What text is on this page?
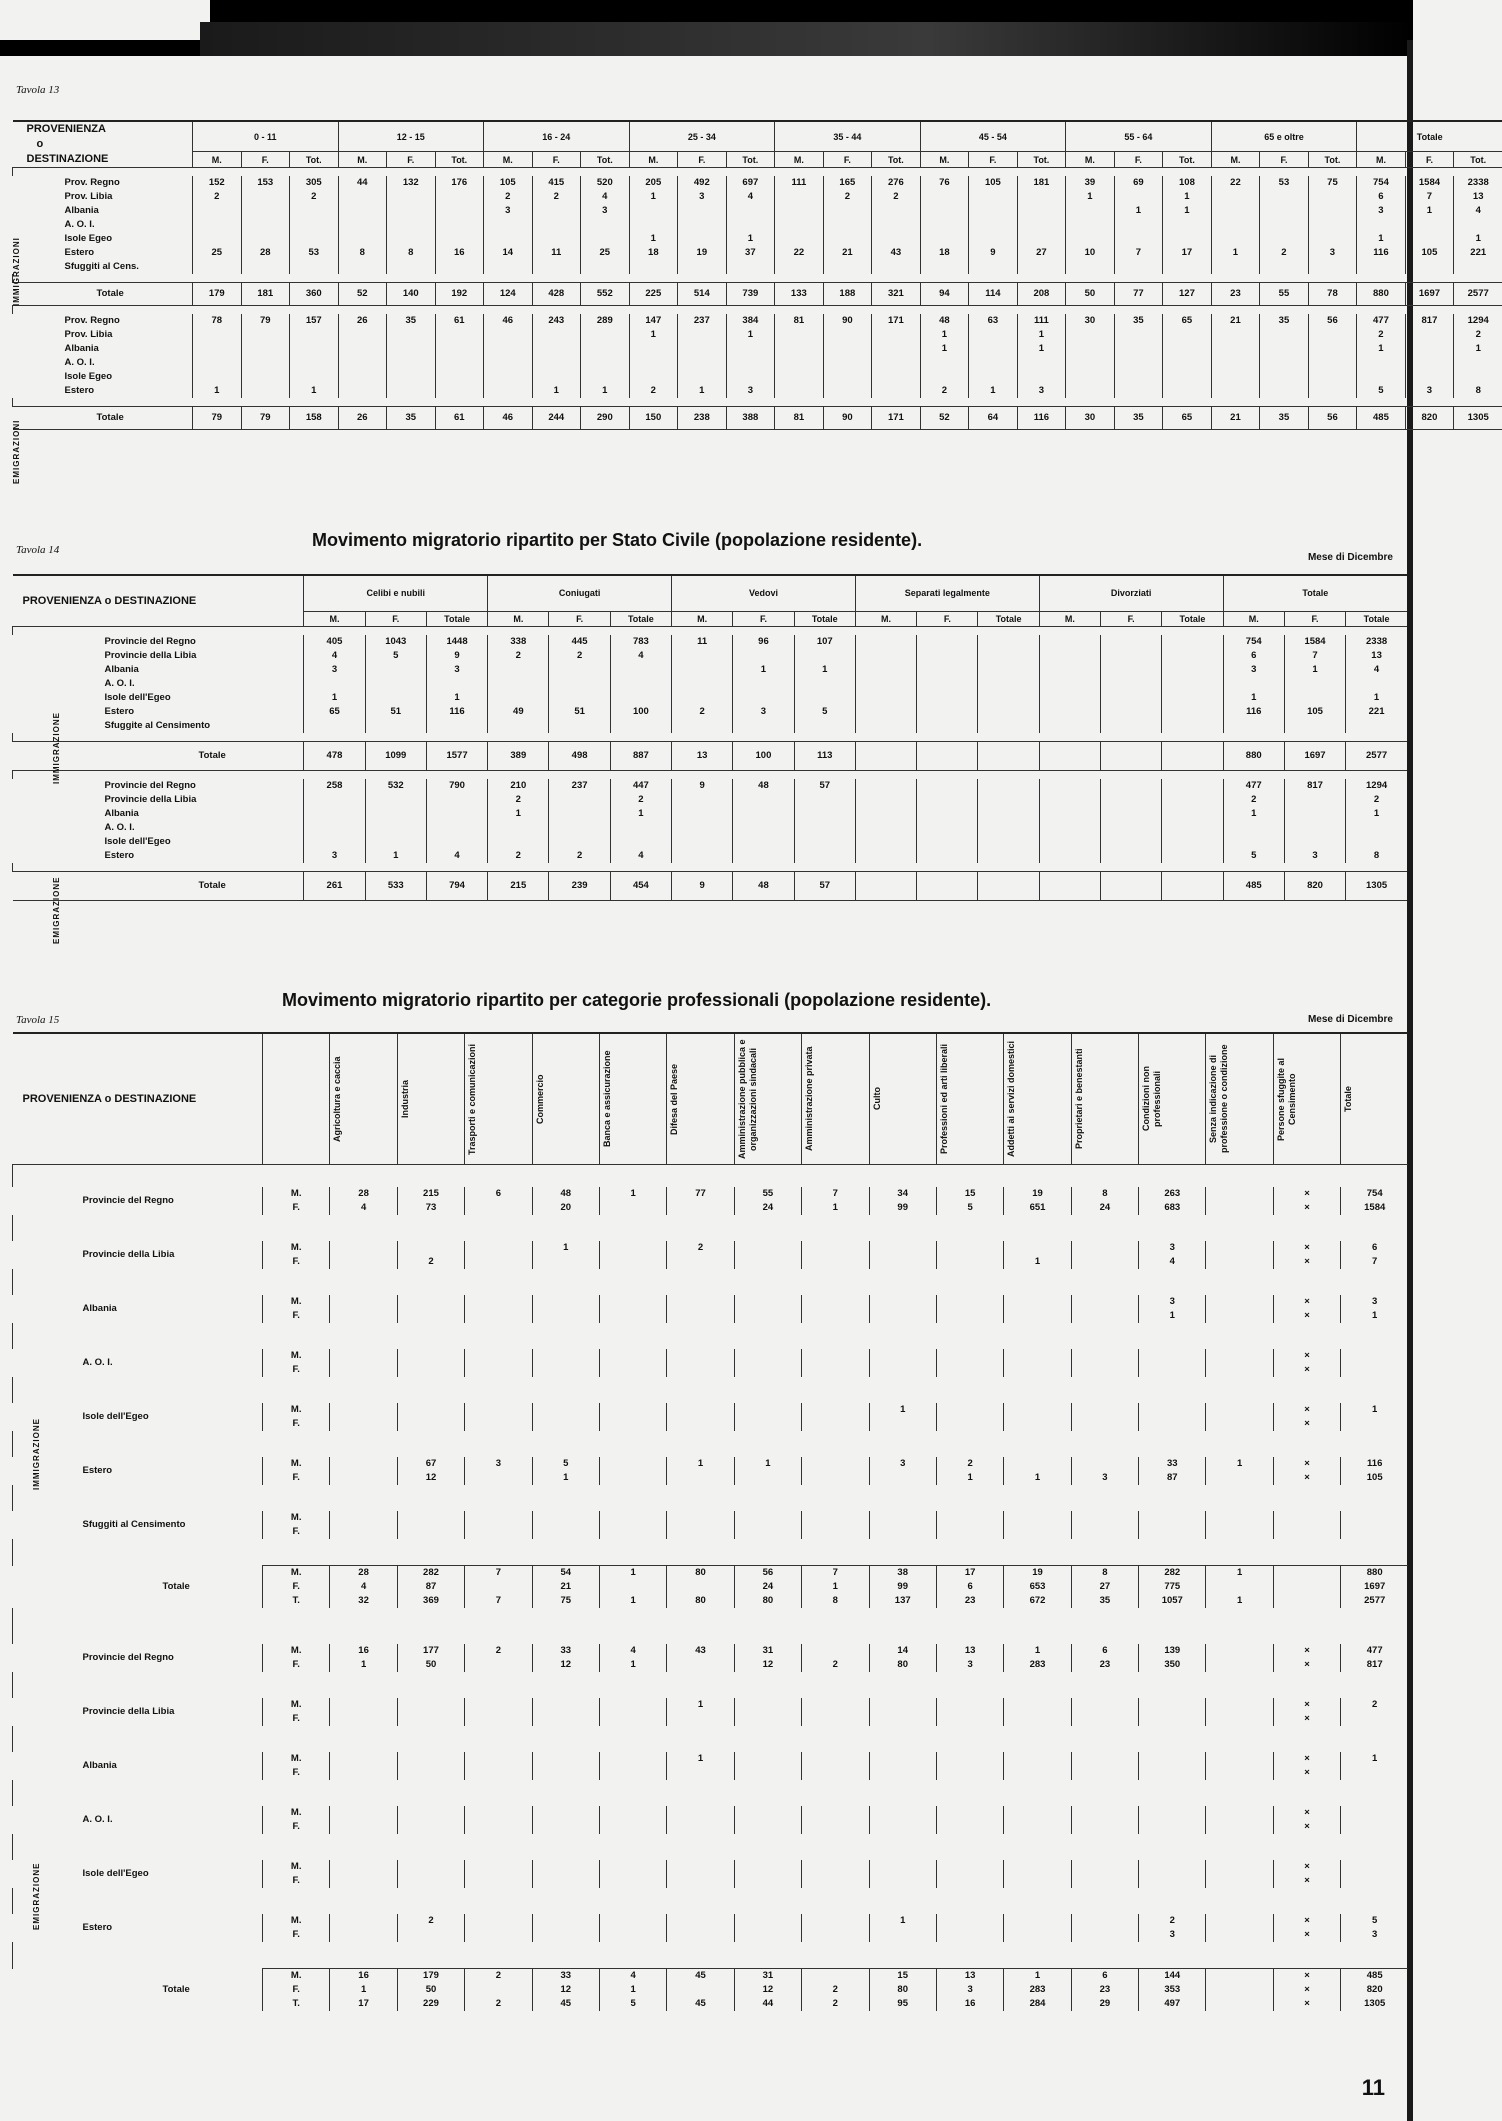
Tavola 13
PROVENIENZA
o
DESTINAZIONE	0 - 11			12 - 15			16 - 24			25 - 34			35 - 44			45 - 54			55 - 64			65 e oltre			Totale		
	M.	F.	Tot.	M.	F.	Tot.	M.	F.	Tot.	M.	F.	Tot.	M.	F.	Tot.	M.	F.	Tot.	M.	F.	Tot.	M.	F.	Tot.	M.	F.	Tot.

Prov. Regno	152	153	305	44	132	176	105	415	520	205	492	697	111	165	276	76	105	181	39	69	108	22	53	75	754	1584	2338
Prov. Libia	2		2				2	2	4	1	3	4		2	2				1		1				6	7	13
Albania							3		3											1	1				3	1	4
A. O. I.																											
Isole Egeo										1		1													1		1
Estero	25	28	53	8	8	16	14	11	25	18	19	37	22	21	43	18	9	27	10	7	17	1	2	3	116	105	221
Sfuggiti al Cens.																											

Totale	179	181	360	52	140	192	124	428	552	225	514	739	133	188	321	94	114	208	50	77	127	23	55	78	880	1697	2577

Prov. Regno	78	79	157	26	35	61	46	243	289	147	237	384	81	90	171	48	63	111	30	35	65	21	35	56	477	817	1294
Prov. Libia										1		1				1		1							2		2
Albania																1		1							1		1
A. O. I.																											
Isole Egeo																											
Estero	1		1					1	1	2	1	3				2	1	3							5	3	8

Totale	79	79	158	26	35	61	46	244	290	150	238	388	81	90	171	52	64	116	30	35	65	21	35	56	485	820	1305
IMMIGRAZIONI
EMIGRAZIONI
Movimento migratorio ripartito per Stato Civile (popolazione residente).
Tavola 14
Mese di Dicembre
PROVENIENZA o DESTINAZIONE	Celibi e nubili			Coniugati			Vedovi			Separati legalmente			Divorziati			Totale		
	M.	F.	Totale	M.	F.	Totale	M.	F.	Totale	M.	F.	Totale	M.	F.	Totale	M.	F.	Totale

Provincie del Regno	405	1043	1448	338	445	783	11	96	107							754	1584	2338
Provincie della Libia	4	5	9	2	2	4										6	7	13
Albania	3		3					1	1							3	1	4
A. O. I.																		
Isole dell'Egeo	1		1													1		1
Estero	65	51	116	49	51	100	2	3	5							116	105	221
Sfuggite al Censimento																		

Totale	478	1099	1577	389	498	887	13	100	113							880	1697	2577

Provincie del Regno	258	532	790	210	237	447	9	48	57							477	817	1294
Provincie della Libia				2		2										2		2
Albania				1		1										1		1
A. O. I.																		
Isole dell'Egeo																		
Estero	3	1	4	2	2	4										5	3	8

Totale	261	533	794	215	239	454	9	48	57							485	820	1305
IMMIGRAZIONE
EMIGRAZIONE
Movimento migratorio ripartito per categorie professionali (popolazione residente).
Tavola 15	Mese di Dicembre
PROVENIENZA o DESTINAZIONE		Agricoltura e caccia	Industria	Trasporti e comunicazioni	Commercio	Banca e assicurazione	Difesa del Paese	Amministrazione pubblica e organizzazioni sindacali	Amministrazione privata	Culto	Professioni ed arti liberali	Addetti ai servizi domestici	Proprietari e benestanti	Condizioni non professionali	Senza indicazione di professione o condizione	Persone sfuggite al Censimento	Totale

Provincie del Regno	M.	28	215	6	48	1	77	55	7	34	15	19	8	263		×	754
	F.	4	73		20			24	1	99	5	651	24	683		×	1584

Provincie della Libia	M.				1		2							3		×	6
	F.		2									1		4		×	7

Albania	M.													3		×	3
	F.													1		×	1

A. O. I.	M.															×	
	F.															×	

Isole dell'Egeo	M.									1						×	1
	F.															×	

Estero	M.		67	3	5		1	1		3	2			33	1	×	116
	F.		12		1						1	1	3	87		×	105

Sfuggiti al Censimento	M.																
	F.																

Totale	M.	28	282	7	54	1	80	56	7	38	17	19	8	282	1		880
	F.	4	87		21			24	1	99	6	653	27	775			1697
	T.	32	369	7	75	1	80	80	8	137	23	672	35	1057	1		2577

Provincie del Regno	M.	16	177	2	33	4	43	31		14	13	1	6	139		×	477
	F.	1	50		12	1		12	2	80	3	283	23	350		×	817

Provincie della Libia	M.						1									×	2
	F.															×	

Albania	M.						1									×	1
	F.															×	

A. O. I.	M.															×	
	F.															×	

Isole dell'Egeo	M.															×	
	F.															×	

Estero	M.		2							1				2		×	5
	F.													3		×	3

Totale	M.	16	179	2	33	4	45	31		15	13	1	6	144		×	485
	F.	1	50		12	1		12	2	80	3	283	23	353		×	820
	T.	17	229	2	45	5	45	44	2	95	16	284	29	497		×	1305
IMMIGRAZIONE
EMIGRAZIONE
11
